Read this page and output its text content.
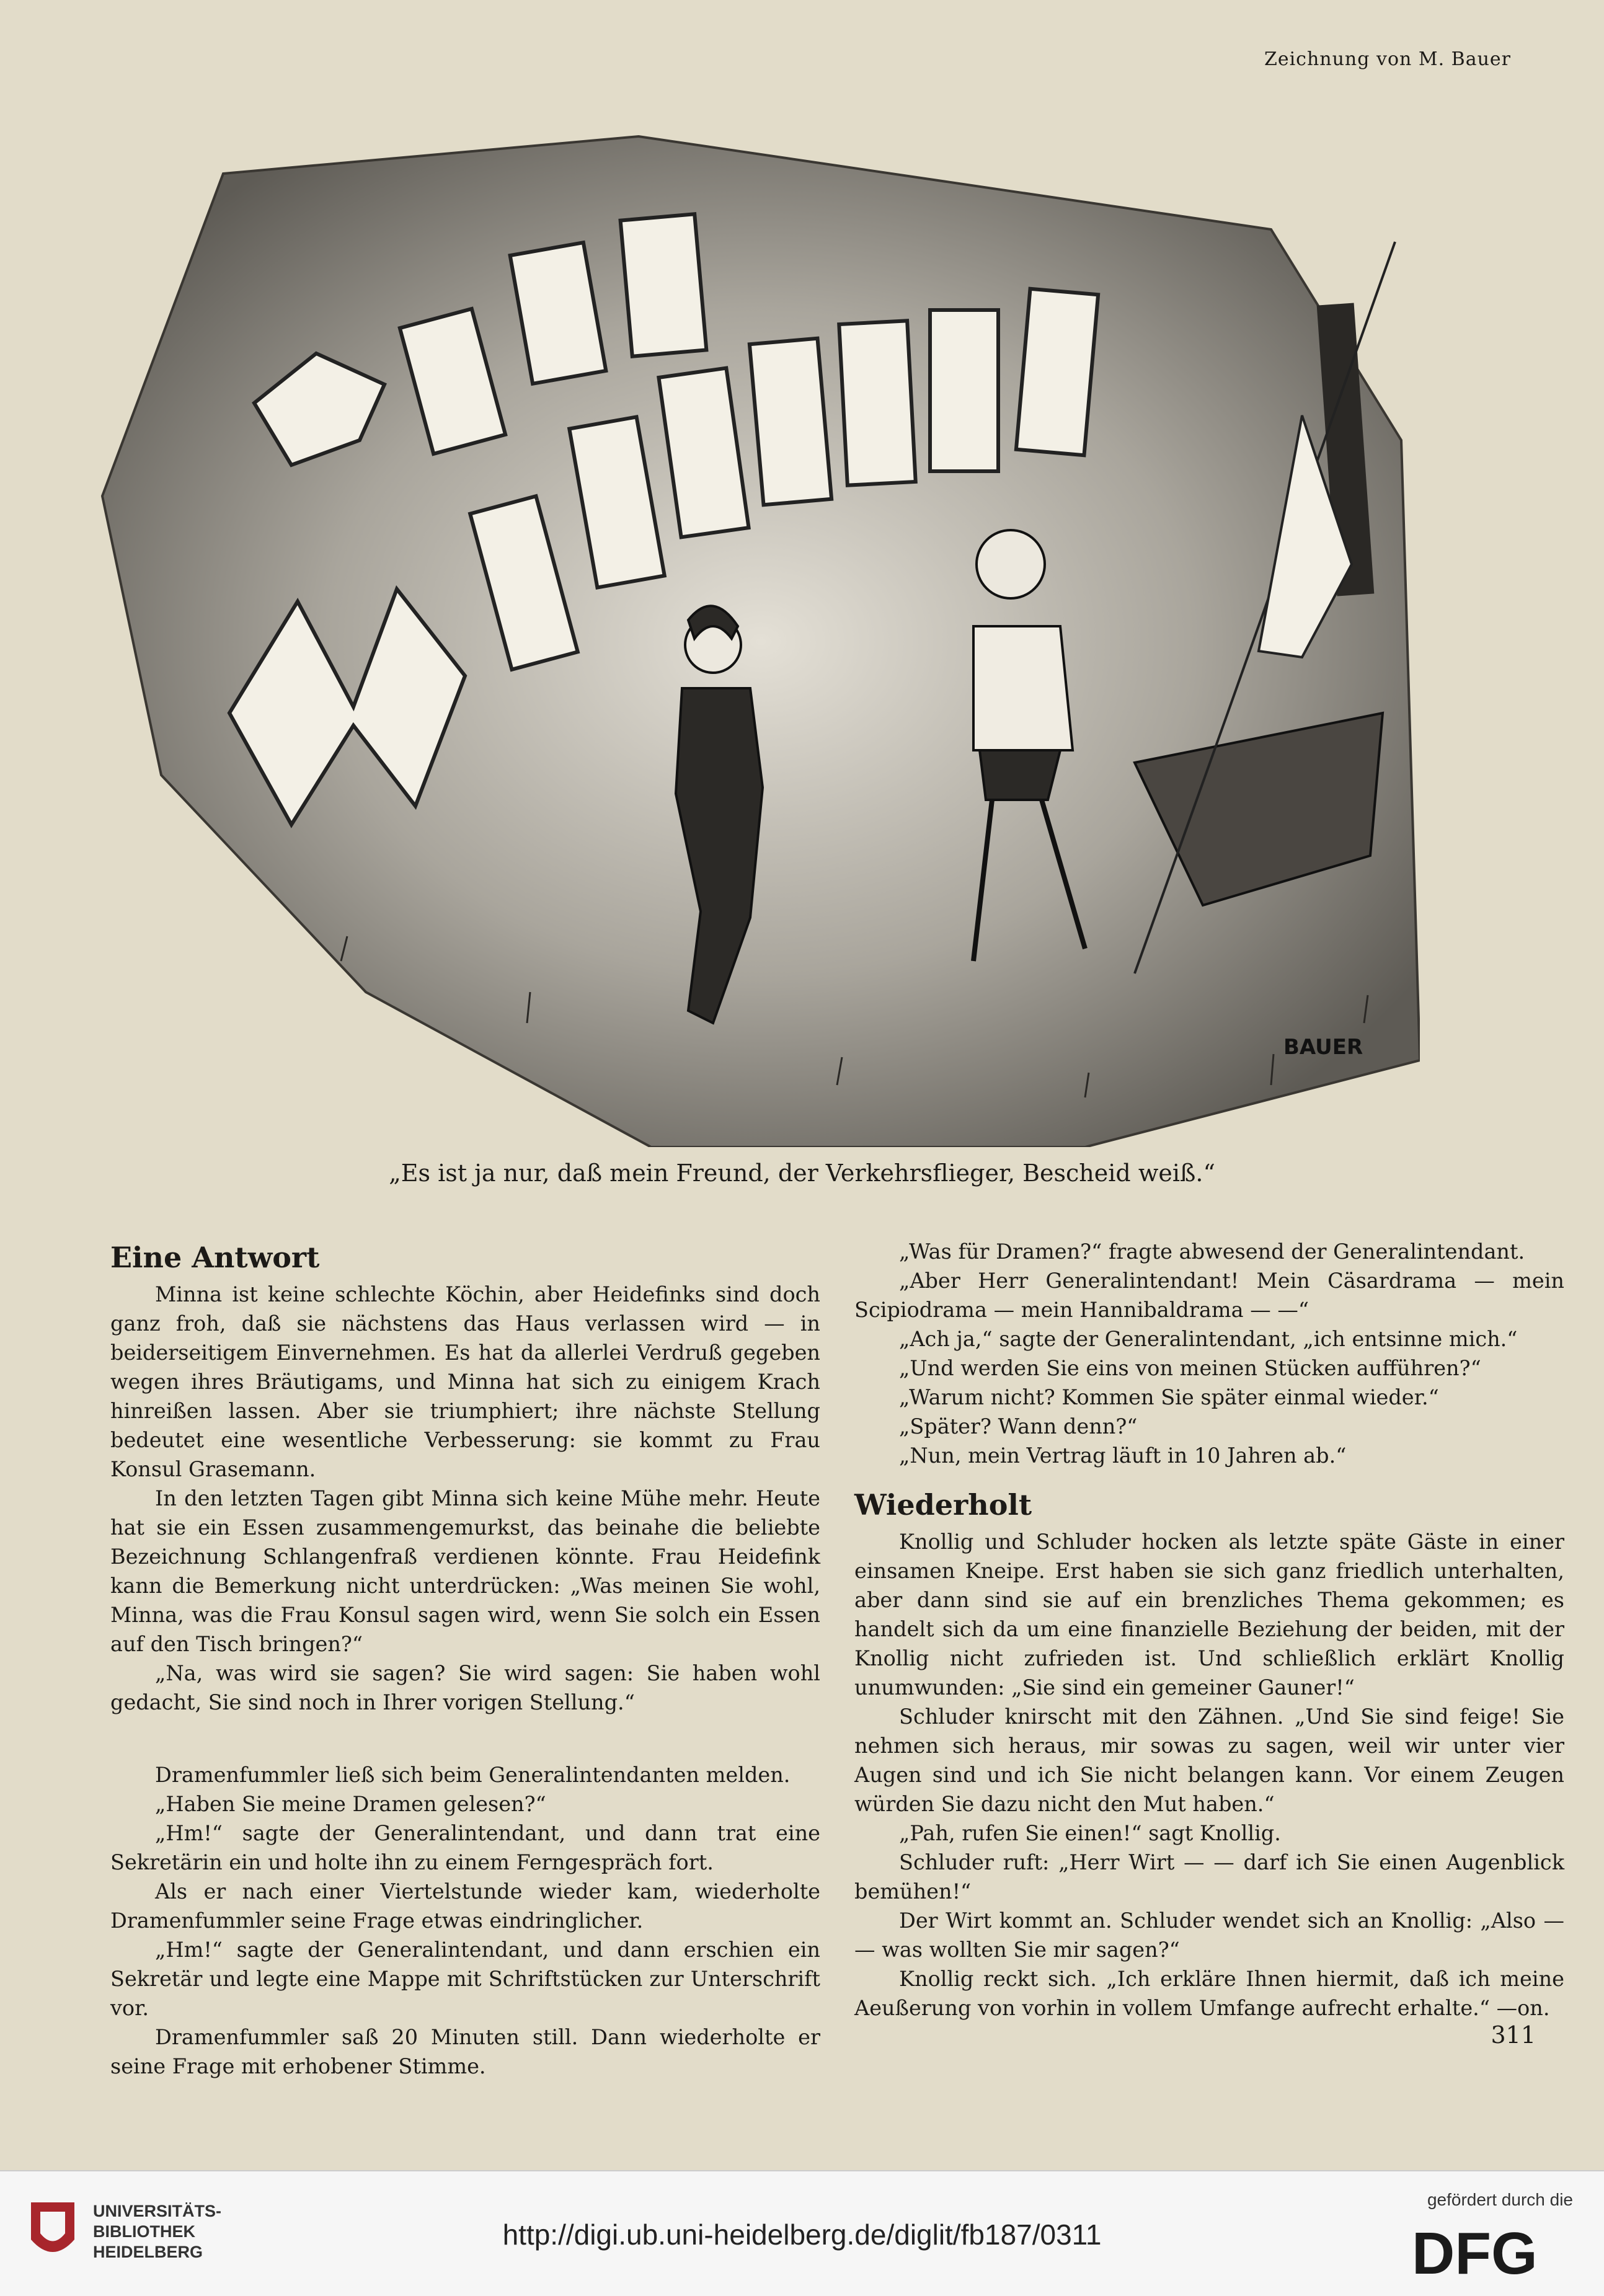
Zeichnung von M. Bauer
BAUER
„Es ist ja nur, daß mein Freund, der Verkehrsflieger, Bescheid weiß.“
Eine Antwort

Minna ist keine schlechte Köchin, aber Heidefinks sind doch ganz froh, daß sie nächstens das Haus verlassen wird — in beiderseitigem Einvernehmen. Es hat da allerlei Verdruß gegeben wegen ihres Bräutigams, und Minna hat sich zu einigem Krach hinreißen lassen. Aber sie triumphiert; ihre nächste Stellung bedeutet eine wesentliche Verbesserung: sie kommt zu Frau Konsul Grasemann.

In den letzten Tagen gibt Minna sich keine Mühe mehr. Heute hat sie ein Essen zusammengemurkst, das beinahe die beliebte Bezeichnung Schlangenfraß verdienen könnte. Frau Heidefink kann die Bemerkung nicht unterdrücken: „Was meinen Sie wohl, Minna, was die Frau Konsul sagen wird, wenn Sie solch ein Essen auf den Tisch bringen?“

„Na, was wird sie sagen? Sie wird sagen: Sie haben wohl gedacht, Sie sind noch in Ihrer vorigen Stellung.“

Dramenfummler ließ sich beim Generalintendanten melden.

„Haben Sie meine Dramen gelesen?“

„Hm!“ sagte der Generalintendant, und dann trat eine Sekretärin ein und holte ihn zu einem Ferngespräch fort.

Als er nach einer Viertelstunde wieder kam, wiederholte Dramenfummler seine Frage etwas eindringlicher.

„Hm!“ sagte der Generalintendant, und dann erschien ein Sekretär und legte eine Mappe mit Schriftstücken zur Unterschrift vor.

Dramenfummler saß 20 Minuten still. Dann wiederholte er seine Frage mit erhobener Stimme.

„Was für Dramen?“ fragte abwesend der Generalintendant.

„Aber Herr Generalintendant! Mein Cäsardrama — mein Scipiodrama — mein Hannibaldrama — —“

„Ach ja,“ sagte der Generalintendant, „ich entsinne mich.“

„Und werden Sie eins von meinen Stücken aufführen?“

„Warum nicht? Kommen Sie später einmal wieder.“

„Später? Wann denn?“

„Nun, mein Vertrag läuft in 10 Jahren ab.“

Wiederholt

Knollig und Schluder hocken als letzte späte Gäste in einer einsamen Kneipe. Erst haben sie sich ganz friedlich unterhalten, aber dann sind sie auf ein brenzliches Thema gekommen; es handelt sich da um eine finanzielle Beziehung der beiden, mit der Knollig nicht zufrieden ist. Und schließlich erklärt Knollig unumwunden: „Sie sind ein gemeiner Gauner!“

Schluder knirscht mit den Zähnen. „Und Sie sind feige! Sie nehmen sich heraus, mir sowas zu sagen, weil wir unter vier Augen sind und ich Sie nicht belangen kann. Vor einem Zeugen würden Sie dazu nicht den Mut haben.“

„Pah, rufen Sie einen!“ sagt Knollig.

Schluder ruft: „Herr Wirt — — darf ich Sie einen Augenblick bemühen!“

Der Wirt kommt an. Schluder wendet sich an Knollig: „Also — — was wollten Sie mir sagen?“

Knollig reckt sich. „Ich erkläre Ihnen hiermit, daß ich meine Aeußerung von vorhin in vollem Umfange aufrecht erhalte.“ —on.

311
UNIVERSITÄTS-
BIBLIOTHEK
HEIDELBERG
http://digi.ub.uni-heidelberg.de/diglit/fb187/0311
gefördert durch die
DFG
